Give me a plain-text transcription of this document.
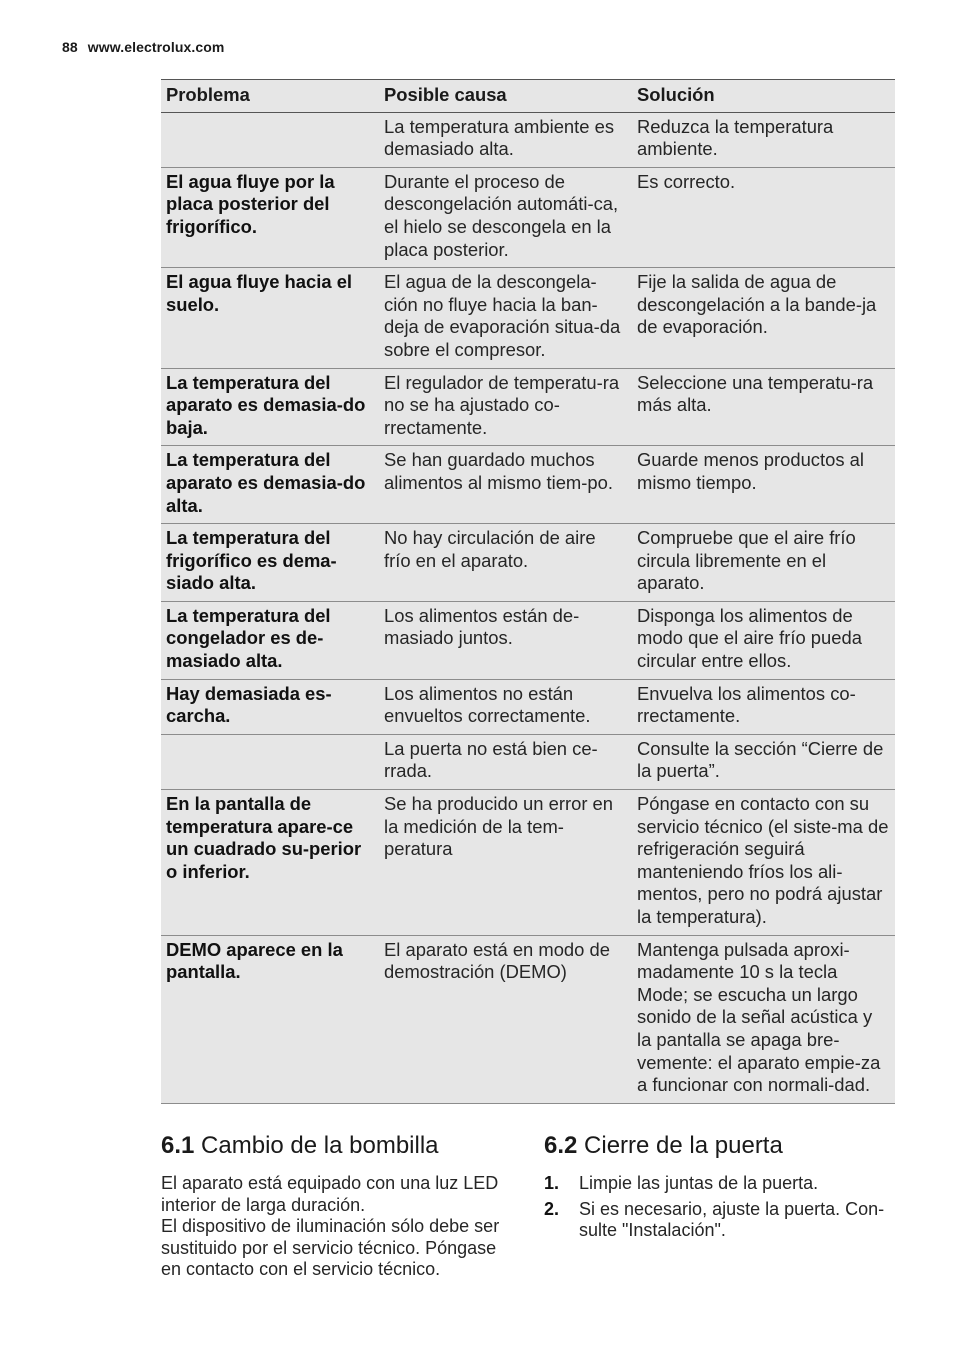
88 www.electrolux.com
Problema	Posible causa	Solución
	La temperatura ambiente es demasiado alta.	Reduzca la temperatura ambiente.
El agua fluye por la placa posterior del frigorífico.	Durante el proceso de descongelación automáti-ca, el hielo se descongela en la placa posterior.	Es correcto.
El agua fluye hacia el suelo.	El agua de la descongela-ción no fluye hacia la ban-deja de evaporación situa-da sobre el compresor.	Fije la salida de agua de descongelación a la bande-ja de evaporación.
La temperatura del aparato es demasia-do baja.	El regulador de temperatu-ra no se ha ajustado co-rrectamente.	Seleccione una temperatu-ra más alta.
La temperatura del aparato es demasia-do alta.	Se han guardado muchos alimentos al mismo tiem-po.	Guarde menos productos al mismo tiempo.
La temperatura del frigorífico es dema-siado alta.	No hay circulación de aire frío en el aparato.	Compruebe que el aire frío circula libremente en el aparato.
La temperatura del congelador es de-masiado alta.	Los alimentos están de-masiado juntos.	Disponga los alimentos de modo que el aire frío pueda circular entre ellos.
Hay demasiada es-carcha.	Los alimentos no están envueltos correctamente.	Envuelva los alimentos co-rrectamente.
	La puerta no está bien ce-rrada.	Consulte la sección “Cierre de la puerta”.
En la pantalla de temperatura apare-ce un cuadrado su-perior o inferior.	Se ha producido un error en la medición de la tem-peratura	Póngase en contacto con su servicio técnico (el siste-ma de refrigeración seguirá manteniendo fríos los ali-mentos, pero no podrá ajustar la temperatura).
DEMO aparece en la pantalla.	El aparato está en modo de demostración (DEMO)	Mantenga pulsada aproxi-madamente 10 s la tecla Mode; se escucha un largo sonido de la señal acústica y la pantalla se apaga bre-vemente: el aparato empie-za a funcionar con normali-dad.
6.1 Cambio de la bombilla

El aparato está equipado con una luz LED interior de larga duración.

El dispositivo de iluminación sólo debe ser sustituido por el servicio técnico. Póngase en contacto con el servicio técnico.

6.2 Cierre de la puerta
1.	Limpie las juntas de la puerta.
2.	Si es necesario, ajuste la puerta. Con-sulte "Instalación".
